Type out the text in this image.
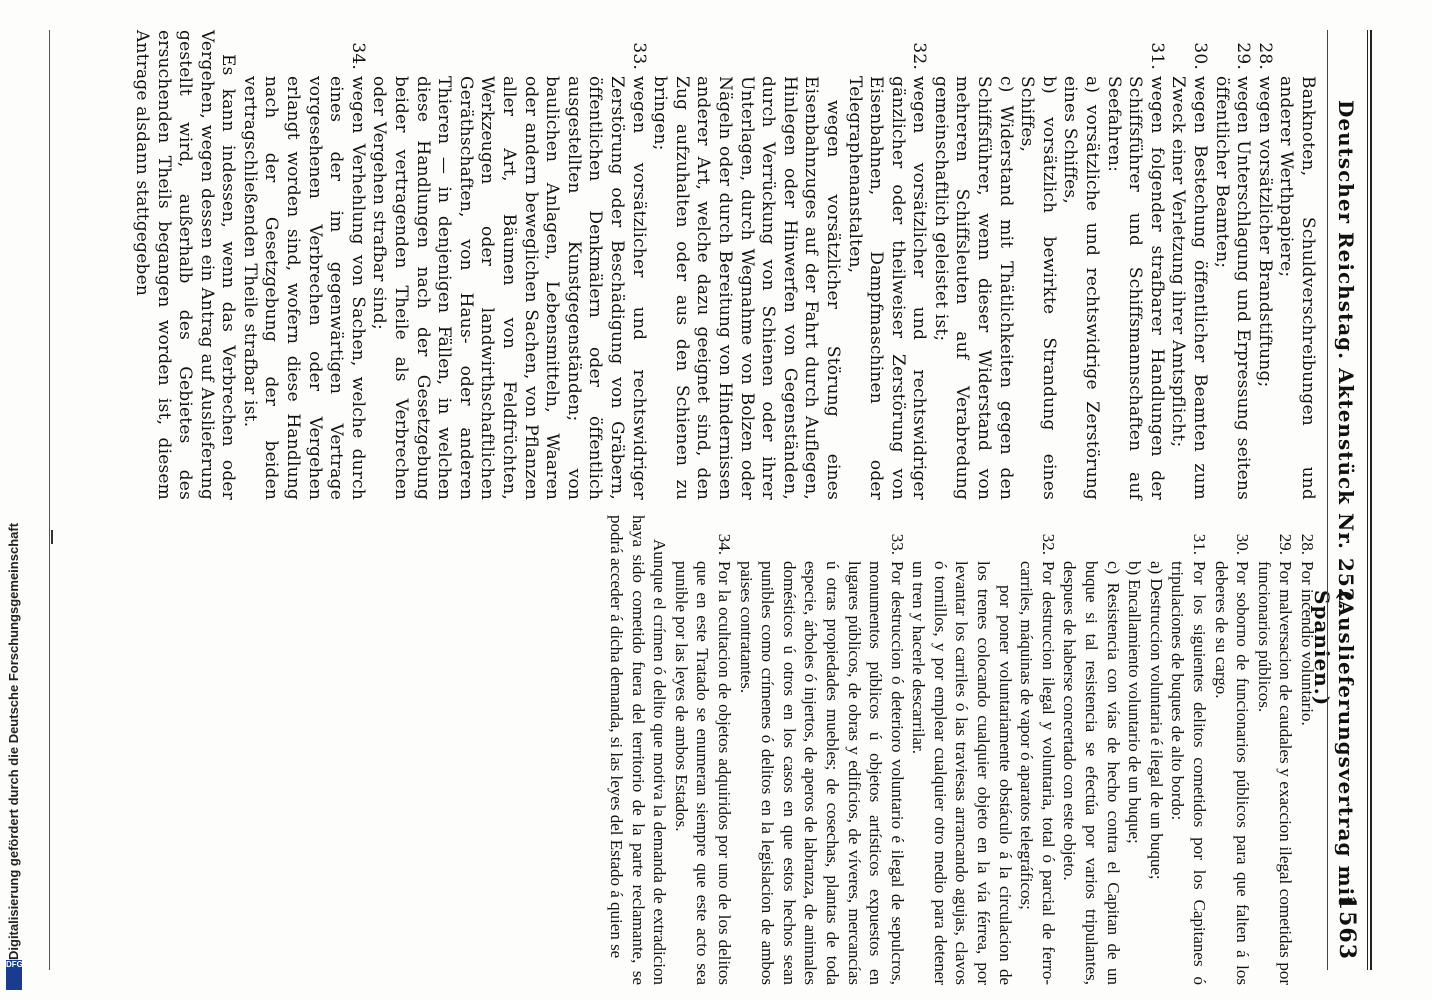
Deutscher Reichstag. Aktenstück Nr. 252.
(Auslieferungsvertrag mit Spanien.)
1563

Banknoten, Schuldverschreibungen und anderer Werthpapiere;

28.
wegen vorsätzlicher Brandstiftung;
29.
wegen Unterschlagung und Erpressung seitens öffentlicher Beamten;
30.
wegen Bestechung öffentlicher Beamten zum Zweck einer Verletzung ihrer Amtspflicht;
31.
wegen folgender strafbarer Handlungen der Schiffsführer und Schiffsmannschaften auf Seefahren:

a) vorsätzliche und rechtswidrige Zerstörung eines Schiffes,

b) vorsätzlich bewirkte Strandung eines Schiffes,

c) Widerstand mit Thätlichkeiten gegen den Schiffsführer, wenn dieser Widerstand von mehreren Schiffsleuten auf Verabredung gemeinschaftlich geleistet ist;

32.
wegen vorsätzlicher und rechtswidriger gänzlicher oder theilweiser Zerstörung von Eisenbahnen, Dampfmaschinen oder Telegraphenanstalten,

wegen vorsätzlicher Störung eines Eisenbahnzuges auf der Fahrt durch Auflegen, Hinlegen oder Hinwerfen von Gegenständen, durch Verrückung von Schienen oder ihrer Unterlagen, durch Wegnahme von Bolzen oder Nägeln oder durch Bereitung von Hindernissen anderer Art, welche dazu geeignet sind, den Zug aufzuhalten oder aus den Schienen zu bringen;

33.
wegen vorsätzlicher und rechtswidriger Zerstörung oder Beschädigung von Gräbern, öffentlichen Denkmälern oder öffentlich ausgestellten Kunstgegenständen; von baulichen Anlagen, Lebensmitteln, Waaren oder andern beweglichen Sachen, von Pflanzen aller Art, Bäumen von Feldfrüchten, Werkzeugen oder landwirthschaftlichen Geräthschaften, von Haus- oder anderen Thieren — in denjenigen Fällen, in welchen diese Handlungen nach der Gesetzgebung beider vertragenden Theile als Verbrechen oder Vergehen strafbar sind;
34.
wegen Verhehlung von Sachen, welche durch eines der im gegenwärtigen Vertrage vorgesehenen Verbrechen oder Vergehen erlangt worden sind, wofern diese Handlung nach der Gesetzgebung der beiden vertragschließenden Theile strafbar ist.

Es kann indessen, wenn das Verbrechen oder Vergehen, wegen dessen ein Antrag auf Auslieferung gestellt wird, außerhalb des Gebietes des ersuchenden Theils begangen worden ist, diesem Antrage alsdann stattgegeben

28.
Por incendio voluntario.
29.
Por malversacion de caudales y exaccion ilegal cometidas por funcionarios públicos.
30.
Por soborno de funcionarios públicos para que falten á los deberes de su cargo.
31.
Por los siguientes delitos cometidos por los Capitanes ó tripulaciones de buques de alto bordo:

a) Destruccion voluntaria é ilegal de un buque;

b) Encallamiento voluntario de un buque;

c) Resistencia con vías de hecho contra el Capitan de un buque si tal resistencia se efectúa por varios tripulantes, despues de haberse concertado con este objeto.

32.
Por destruccion ilegal y voluntaria, total ó parcial de ferro-carriles, máquinas de vapor ó aparatos telegráficos;

por poner voluntariamente obstáculo á la circulacion de los trenes colocando cualquier objeto en la vía férrea, por levantar los carriles ó las traviesas arrancando agujas, clavos ó tornillos, y por emplear cualquier otro medio para detener un tren y hacerle descarrilar.

33.
Por destruccion ó deterioro voluntario é ilegal de sepulcros, monumentos públicos ú objetos artísticos expuestos en lugares públicos, de obras y edificios, de víveres, mercancías ú otras propiedades muebles; de cosechas, plantas de toda especie, árboles ó injertos, de aperos de labranza, de animales domésticos ú otros en los casos en que estos hechos sean punibles como crímenes ó delitos en la legislacion de ambos paises contratantes.
34.
Por la ocultacion de objetos adquiridos por uno de los delitos que en este Tratado se enumeran siempre que este acto sea punible por las leyes de ambos Estados.

Aunque el crímen ó delito que motiva la demanda de extradicion haya sido cometido fuera del territorio de la parte reclamante, se podrá acceder á dicha demanda, si las leyes del Estado á quien se

Digitalisierung gefördert durch die Deutsche Forschungsgemeinschaft
DFG
